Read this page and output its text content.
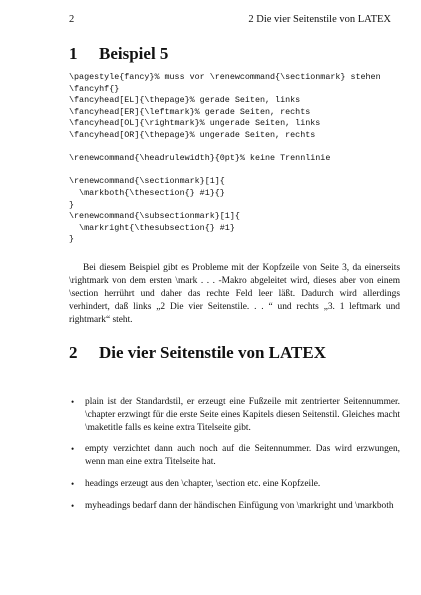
2	2 Die vier Seitenstile von LATEX
1 Beispiel 5
\pagestyle{fancy}% muss vor \renewcommand{\sectionmark} stehen
\fancyhf{}
\fancyhead[EL]{\thepage}% gerade Seiten, links
\fancyhead[ER]{\leftmark}% gerade Seiten, rechts
\fancyhead[OL]{\rightmark}% ungerade Seiten, links
\fancyhead[OR]{\thepage}% ungerade Seiten, rechts

\renewcommand{\headrulewidth}{0pt}% keine Trennlinie

\renewcommand{\sectionmark}[1]{
\markboth{\thesection{} #1}{}
}
\renewcommand{\subsectionmark}[1]{
\markright{\thesubsection{} #1}
}
Bei diesem Beispiel gibt es Probleme mit der Kopfzeile von Seite 3, da einerseits \rightmark von dem ersten \mark . . . -Makro abgeleitet wird, dieses aber von einem \section herrührt und daher das rechte Feld leer läßt. Dadurch wird allerdings verhindert, daß links „2 Die vier Seitenstile. . . “ und rechts „3. 1 leftmark und rightmark“ steht.
2 Die vier Seitenstile von LATEX
• plain ist der Standardstil, er erzeugt eine Fußzeile mit zentrierter Seitennummer. \chapter erzwingt für die erste Seite eines Kapitels diesen Seitenstil. Gleiches macht \maketitle falls es keine extra Titelseite gibt.
• empty verzichtet dann auch noch auf die Seitennummer. Das wird erzwungen, wenn man eine extra Titelseite hat.
• headings erzeugt aus den \chapter, \section etc. eine Kopfzeile.
• myheadings bedarf dann der händischen Einfügung von \markright und \markboth
